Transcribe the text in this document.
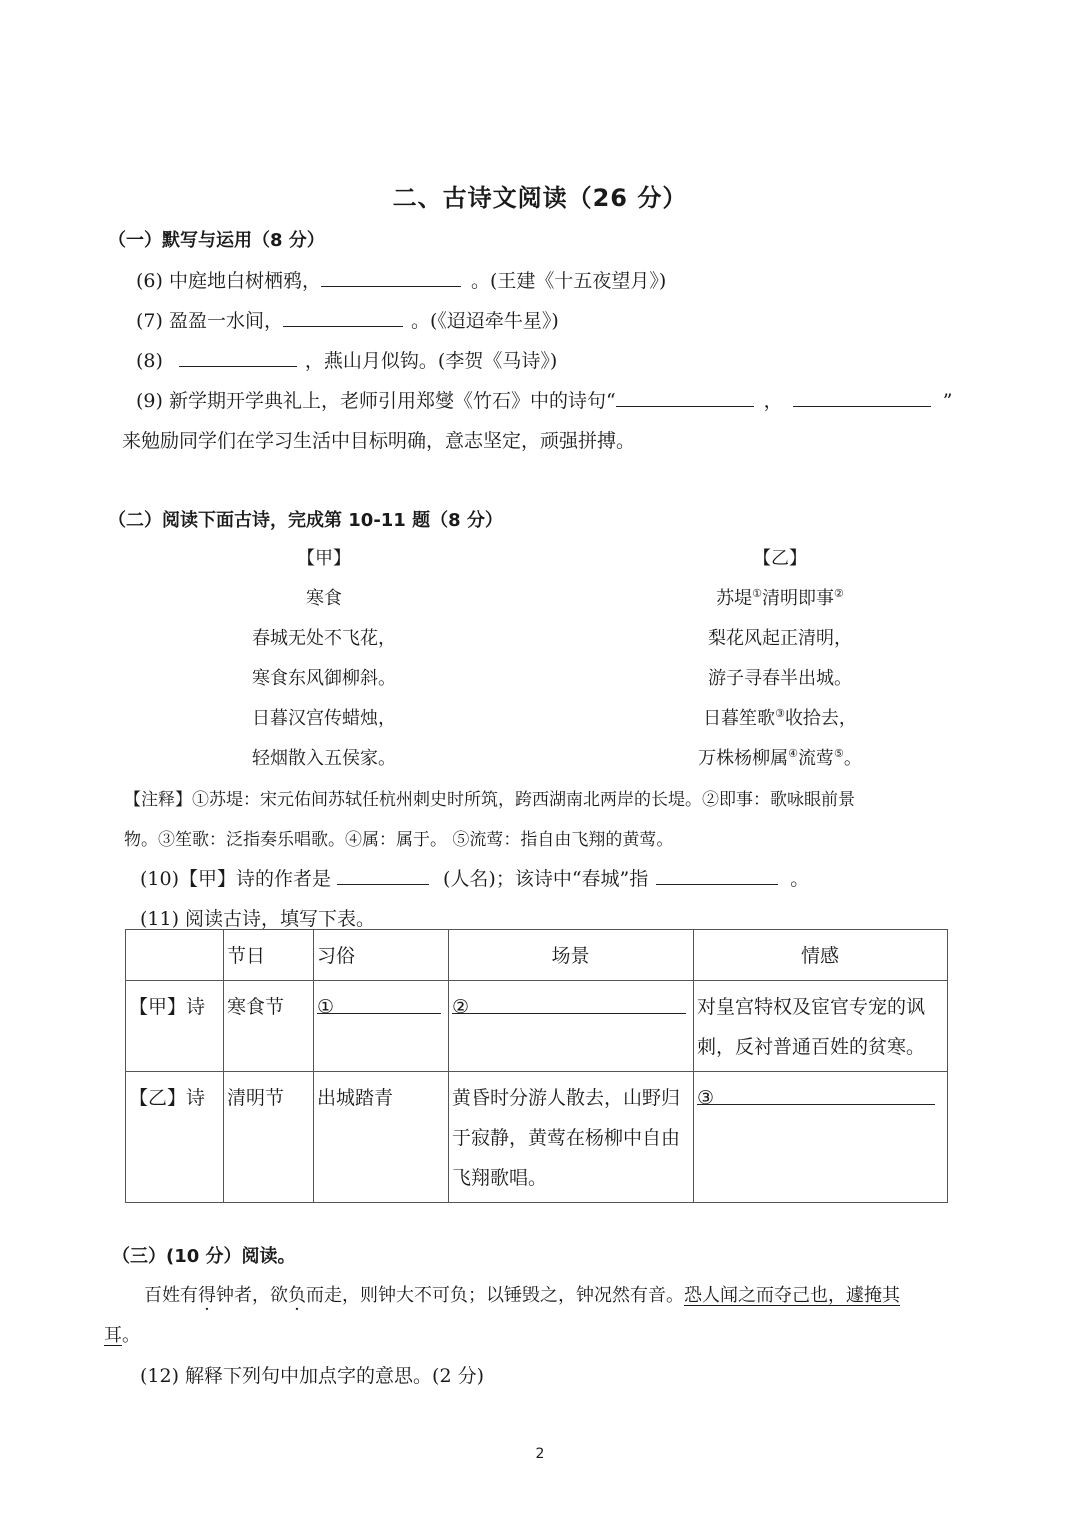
二、古诗文阅读（26 分）
（一）默写与运用（8 分）
(6) 中庭地白树栖鸦，	。(王建《十五夜望月》)
(7) 盈盈一水间，	。(《迢迢牵牛星》)
(8)	，燕山月似钩。(李贺《马诗》)
(9) 新学期开学典礼上，老师引用郑燮《竹石》中的诗句“	，	”
来勉励同学们在学习生活中目标明确，意志坚定，顽强拼搏。
（二）阅读下面古诗，完成第 10-11 题（8 分）
【甲】
寒食
春城无处不飞花，
寒食东风御柳斜。
日暮汉宫传蜡烛，
轻烟散入五侯家。
【乙】
苏堤①清明即事②
梨花风起正清明，
游子寻春半出城。
日暮笙歌③收拾去，
万株杨柳属④流莺⑤。
【注释】①苏堤：宋元佑间苏轼任杭州刺史时所筑，跨西湖南北两岸的长堤。②即事：歌咏眼前景
物。③笙歌：泛指奏乐唱歌。④属：属于。 ⑤流莺：指自由飞翔的黄莺。
(10)【甲】诗的作者是	(人名)；该诗中“春城”指	。
(11) 阅读古诗，填写下表。
	节日	习俗	场景	情感
【甲】诗	寒食节	①	②	对皇宫特权及宦官专宠的讽刺，反衬普通百姓的贫寒。
【乙】诗	清明节	出城踏青	黄昏时分游人散去，山野归于寂静，黄莺在杨柳中自由飞翔歌唱。	③
（三）(10 分）阅读。
百姓有得钟者，欲负而走，则钟大不可负；以锤毁之，钟况然有音。恐人闻之而夺己也，遽掩其
耳。
(12) 解释下列句中加点字的意思。(2 分)
2
